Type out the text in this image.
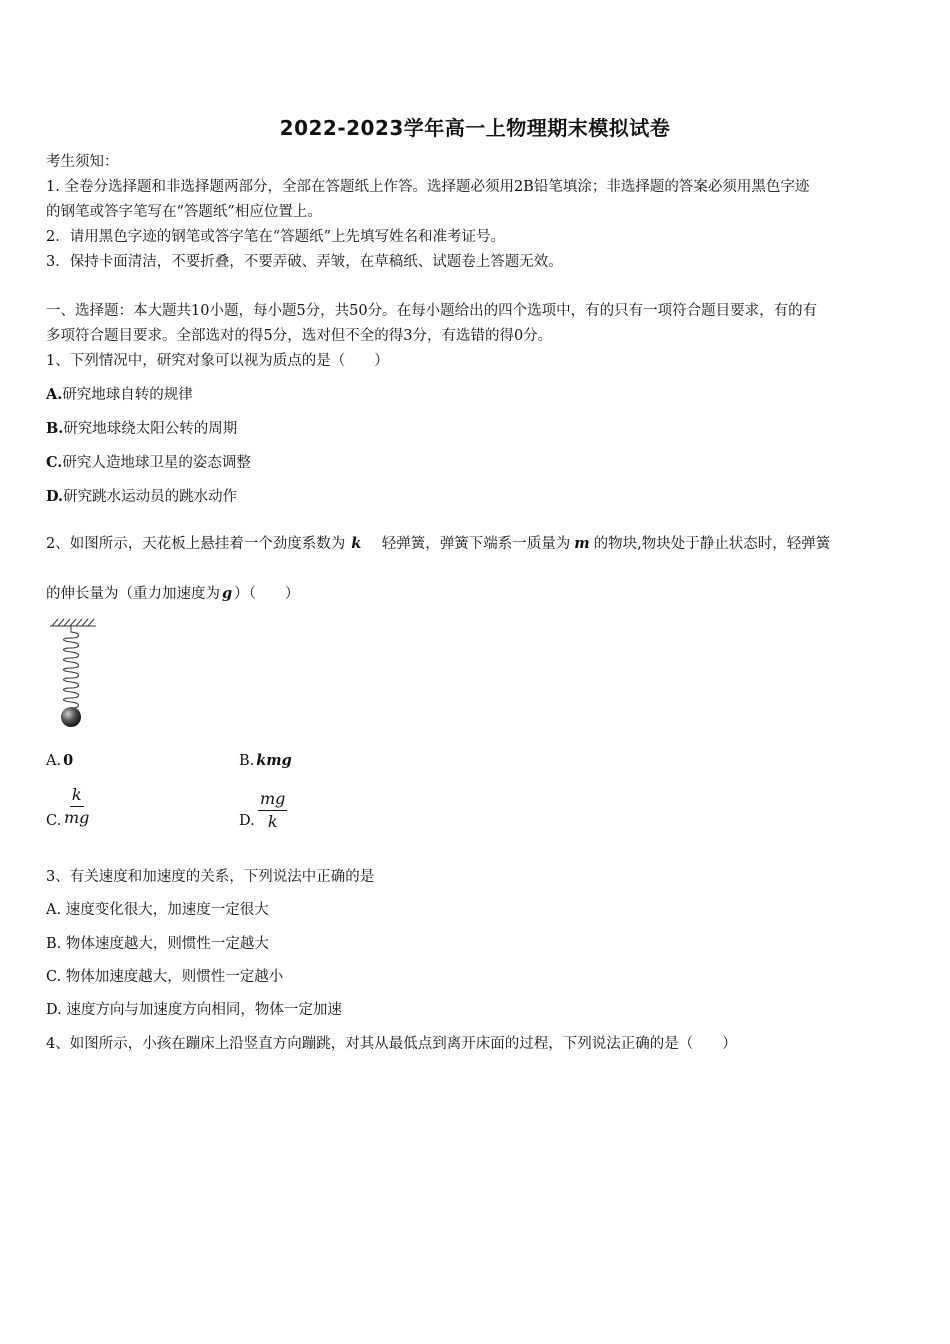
2022-2023学年高一上物理期末模拟试卷
考生须知：
1. 全卷分选择题和非选择题两部分，全部在答题纸上作答。选择题必须用2B铅笔填涂；非选择题的答案必须用黑色字迹
的钢笔或答字笔写在“答题纸”相应位置上。
2．请用黑色字迹的钢笔或答字笔在“答题纸”上先填写姓名和准考证号。
3．保持卡面清洁，不要折叠，不要弄破、弄皱，在草稿纸、试题卷上答题无效。
一、选择题：本大题共10小题，每小题5分，共50分。在每小题给出的四个选项中，有的只有一项符合题目要求，有的有
多项符合题目要求。全部选对的得5分，选对但不全的得3分，有选错的得0分。
1、下列情况中，研究对象可以视为质点的是（　　）
A.研究地球自转的规律
B.研究地球绕太阳公转的周期
C.研究人造地球卫星的姿态调整
D.研究跳水运动员的跳水动作
2、如图所示，天花板上悬挂着一个劲度系数为 k　轻弹簧，弹簧下端系一质量为 m 的物块,物块处于静止状态时，轻弹簧
的伸长量为（重力加速度为 g ）（　　）
A. 0	B. kmg
C. $\frac{k}{mg}$	D. $\frac{mg}{k}$
3、有关速度和加速度的关系，下列说法中正确的是
A. 速度变化很大，加速度一定很大
B. 物体速度越大，则惯性一定越大
C. 物体加速度越大，则惯性一定越小
D. 速度方向与加速度方向相同，物体一定加速
4、如图所示，小孩在蹦床上沿竖直方向蹦跳，对其从最低点到离开床面的过程，下列说法正确的是（　　）
